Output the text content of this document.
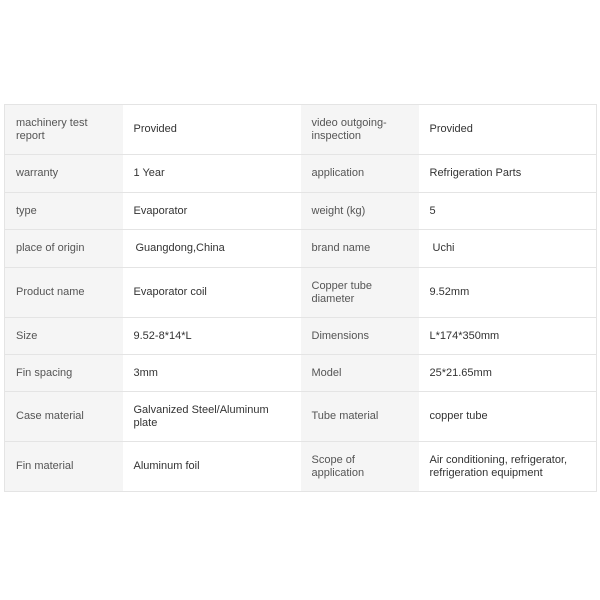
machinery test report	Provided	video outgoing-inspection	Provided
warranty	1 Year	application	Refrigeration Parts
type	Evaporator	weight (kg)	5
place of origin	Guangdong,China	brand name	Uchi
Product name	Evaporator coil	Copper tube diameter	9.52mm
Size	9.52-8*14*L	Dimensions	L*174*350mm
Fin spacing	3mm	Model	25*21.65mm
Case material	Galvanized Steel/Aluminum plate	Tube material	copper tube
Fin material	Aluminum foil	Scope of application	Air conditioning, refrigerator, refrigeration equipment
